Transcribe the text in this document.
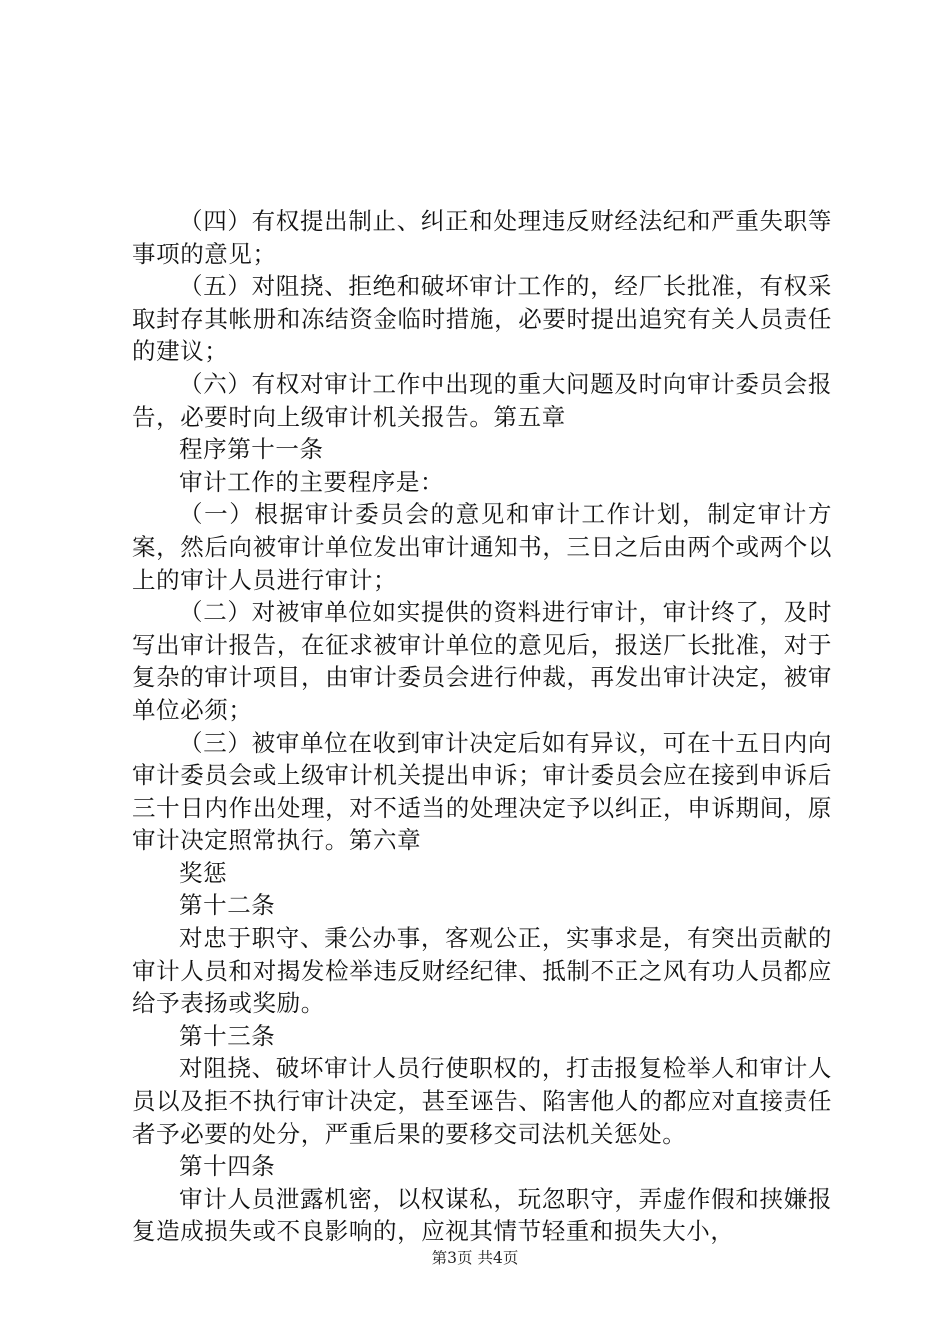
（四）有权提出制止、纠正和处理违反财经法纪和严重失职等事项的意见；

（五）对阻挠、拒绝和破坏审计工作的，经厂长批准，有权采取封存其帐册和冻结资金临时措施，必要时提出追究有关人员责任的建议；

（六）有权对审计工作中出现的重大问题及时向审计委员会报告，必要时向上级审计机关报告。第五章

程序第十一条

审计工作的主要程序是：

（一）根据审计委员会的意见和审计工作计划，制定审计方案，然后向被审计单位发出审计通知书，三日之后由两个或两个以上的审计人员进行审计；

（二）对被审单位如实提供的资料进行审计，审计终了，及时写出审计报告，在征求被审计单位的意见后，报送厂长批准，对于复杂的审计项目，由审计委员会进行仲裁，再发出审计决定，被审单位必须；

（三）被审单位在收到审计决定后如有异议，可在十五日内向审计委员会或上级审计机关提出申诉；审计委员会应在接到申诉后三十日内作出处理，对不适当的处理决定予以纠正，申诉期间，原审计决定照常执行。第六章

奖惩

第十二条

对忠于职守、秉公办事，客观公正，实事求是，有突出贡献的审计人员和对揭发检举违反财经纪律、抵制不正之风有功人员都应给予表扬或奖励。

第十三条

对阻挠、破坏审计人员行使职权的，打击报复检举人和审计人员以及拒不执行审计决定，甚至诬告、陷害他人的都应对直接责任者予必要的处分，严重后果的要移交司法机关惩处。

第十四条

审计人员泄露机密，以权谋私，玩忽职守，弄虚作假和挟嫌报复造成损失或不良影响的，应视其情节轻重和损失大小，

第3页 共4页
